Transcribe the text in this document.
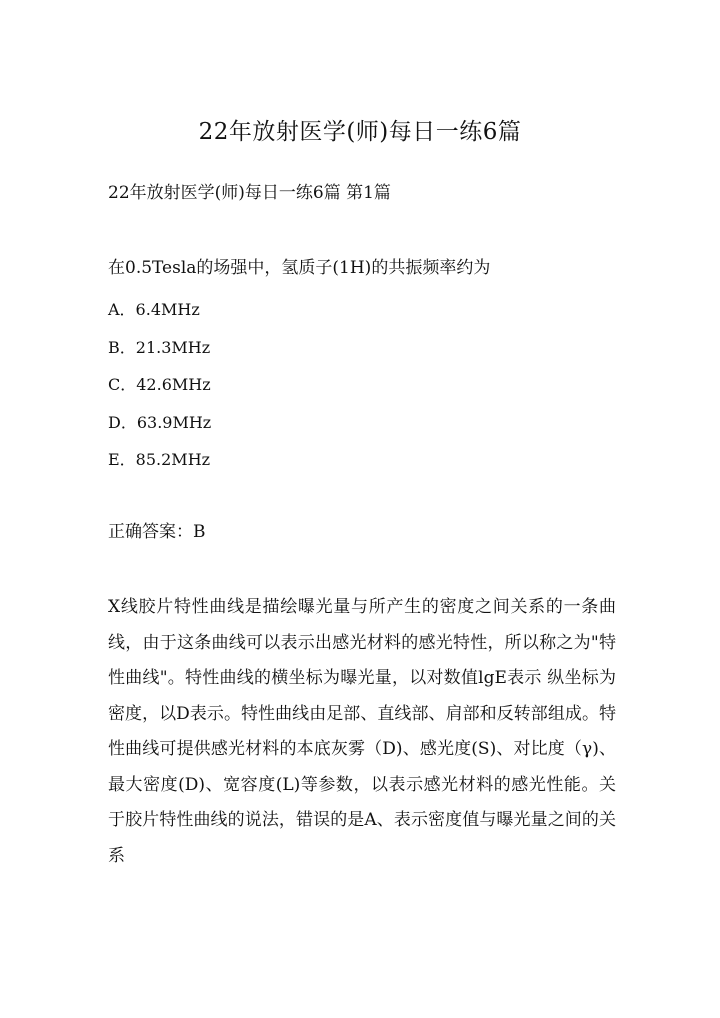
22年放射医学(师)每日一练6篇
22年放射医学(师)每日一练6篇 第1篇
在0.5Tesla的场强中，氢质子(1H)的共振频率约为
A．6.4MHz
B．21.3MHz
C．42.6MHz
D．63.9MHz
E．85.2MHz
正确答案：B
X线胶片特性曲线是描绘曝光量与所产生的密度之间关系的一条曲线，由于这条曲线可以表示出感光材料的感光特性，所以称之为"特性曲线"。特性曲线的横坐标为曝光量，以对数值lgE表示 纵坐标为密度，以D表示。特性曲线由足部、直线部、肩部和反转部组成。特性曲线可提供感光材料的本底灰雾（D)、感光度(S)、对比度（γ)、最大密度(D)、宽容度(L)等参数，以表示感光材料的感光性能。关于胶片特性曲线的说法，错误的是A、表示密度值与曝光量之间的关系
